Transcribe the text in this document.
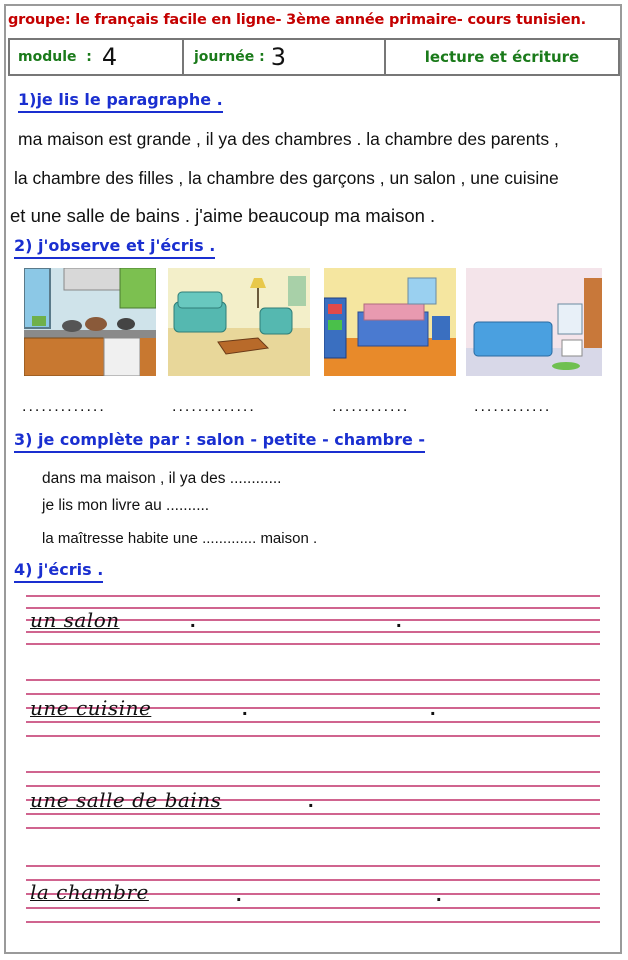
groupe: le français facile en ligne- 3ème année primaire- cours tunisien.
module  : 4	journée : 3	lecture et écriture
1)je lis le paragraphe .
ma maison est grande , il ya des chambres . la chambre des parents ,
la chambre des filles , la chambre des garçons , un salon , une cuisine
et une salle de bains . j'aime beaucoup ma maison .
2) j'observe et j'écris .
.............	.............	............	............
3) je complète par : salon - petite - chambre -
dans ma maison , il ya des ............
je lis mon livre au ..........
la maîtresse habite une ............. maison .
4) j'écris .
un salon	.	.
une cuisine	.	.
une salle de bains	.
la chambre	.	.
